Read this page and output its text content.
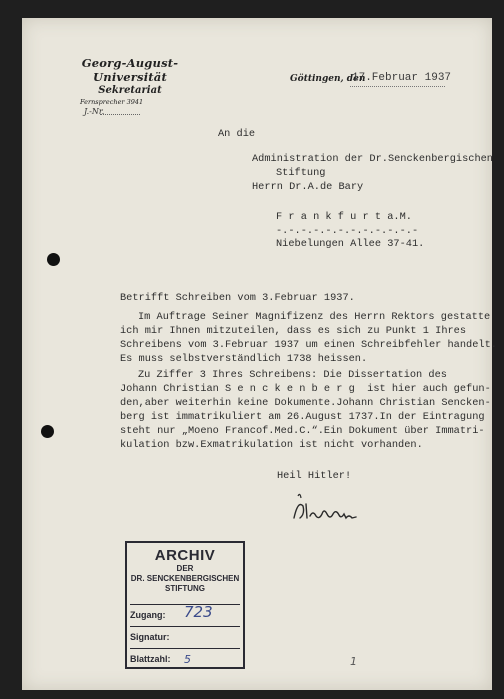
Georg-August-Universität
Sekretariat
Fernsprecher 3941
J.-Nr.
Göttingen, den
17.Februar 1937
An die
Administration der Dr.Senckenbergischen
Stiftung
Herrn Dr.A.de Bary
F r a n k f u r t a.M.
-.-.-.-.-.-.-.-.-.-.-.-
Niebelungen Allee 37-41.
Betrifft Schreiben vom 3.Februar 1937.
Im Auftrage Seiner Magnifizenz des Herrn Rektors gestatte
ich mir Ihnen mitzuteilen, dass es sich zu Punkt 1 Ihres
Schreibens vom 3.Februar 1937 um einen Schreibfehler handelt.
Es muss selbstverständlich 1738 heissen.
Zu Ziffer 3 Ihres Schreibens: Die Dissertation des
Johann Christian S e n c k e n b e r g  ist hier auch gefun-
den,aber weiterhin keine Dokumente.Johann Christian Sencken-
berg ist immatrikuliert am 26.August 1737.In der Eintragung
steht nur „Moeno Francof.Med.C.“.Ein Dokument über Immatri-
kulation bzw.Exmatrikulation ist nicht vorhanden.
Heil Hitler!
ARCHIV
DER
DR. SENCKENBERGISCHEN
STIFTUNG
Zugang: 723
Signatur:
Blattzahl: 5	1
